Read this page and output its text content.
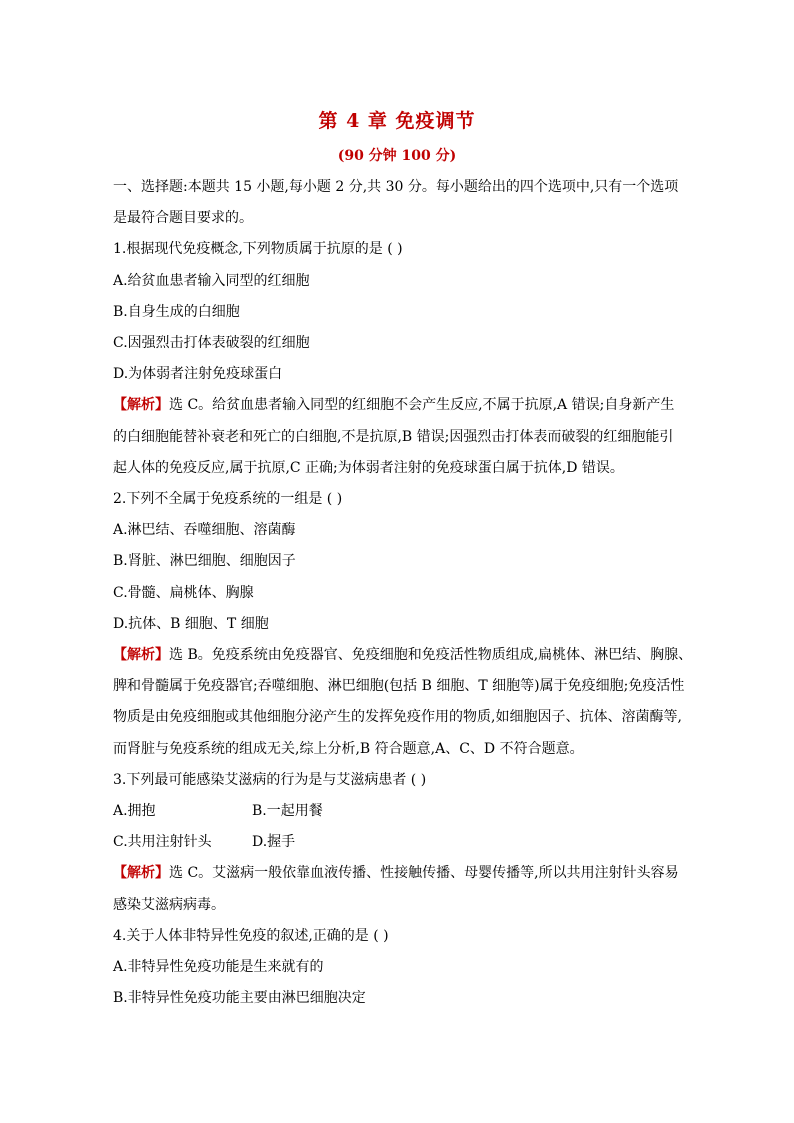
第 4 章 免疫调节
(90 分钟 100 分)
一、选择题:本题共 15 小题,每小题 2 分,共 30 分。每小题给出的四个选项中,只有一个选项
是最符合题目要求的。
1.根据现代免疫概念,下列物质属于抗原的是 ( )
A.给贫血患者输入同型的红细胞
B.自身生成的白细胞
C.因强烈击打体表破裂的红细胞
D.为体弱者注射免疫球蛋白
【解析】选 C。给贫血患者输入同型的红细胞不会产生反应,不属于抗原,A 错误;自身新产生
的白细胞能替补衰老和死亡的白细胞,不是抗原,B 错误;因强烈击打体表而破裂的红细胞能引
起人体的免疫反应,属于抗原,C 正确;为体弱者注射的免疫球蛋白属于抗体,D 错误。
2.下列不全属于免疫系统的一组是 ( )
A.淋巴结、吞噬细胞、溶菌酶
B.肾脏、淋巴细胞、细胞因子
C.骨髓、扁桃体、胸腺
D.抗体、B 细胞、T 细胞
【解析】选 B。免疫系统由免疫器官、免疫细胞和免疫活性物质组成,扁桃体、淋巴结、胸腺、
脾和骨髓属于免疫器官;吞噬细胞、淋巴细胞(包括 B 细胞、T 细胞等)属于免疫细胞;免疫活性
物质是由免疫细胞或其他细胞分泌产生的发挥免疫作用的物质,如细胞因子、抗体、溶菌酶等,
而肾脏与免疫系统的组成无关,综上分析,B 符合题意,A、C、D 不符合题意。
3.下列最可能感染艾滋病的行为是与艾滋病患者 ( )
A.拥抱	B.一起用餐
C.共用注射针头	D.握手
【解析】选 C。艾滋病一般依靠血液传播、性接触传播、母婴传播等,所以共用注射针头容易
感染艾滋病病毒。
4.关于人体非特异性免疫的叙述,正确的是 ( )
A.非特异性免疫功能是生来就有的
B.非特异性免疫功能主要由淋巴细胞决定
